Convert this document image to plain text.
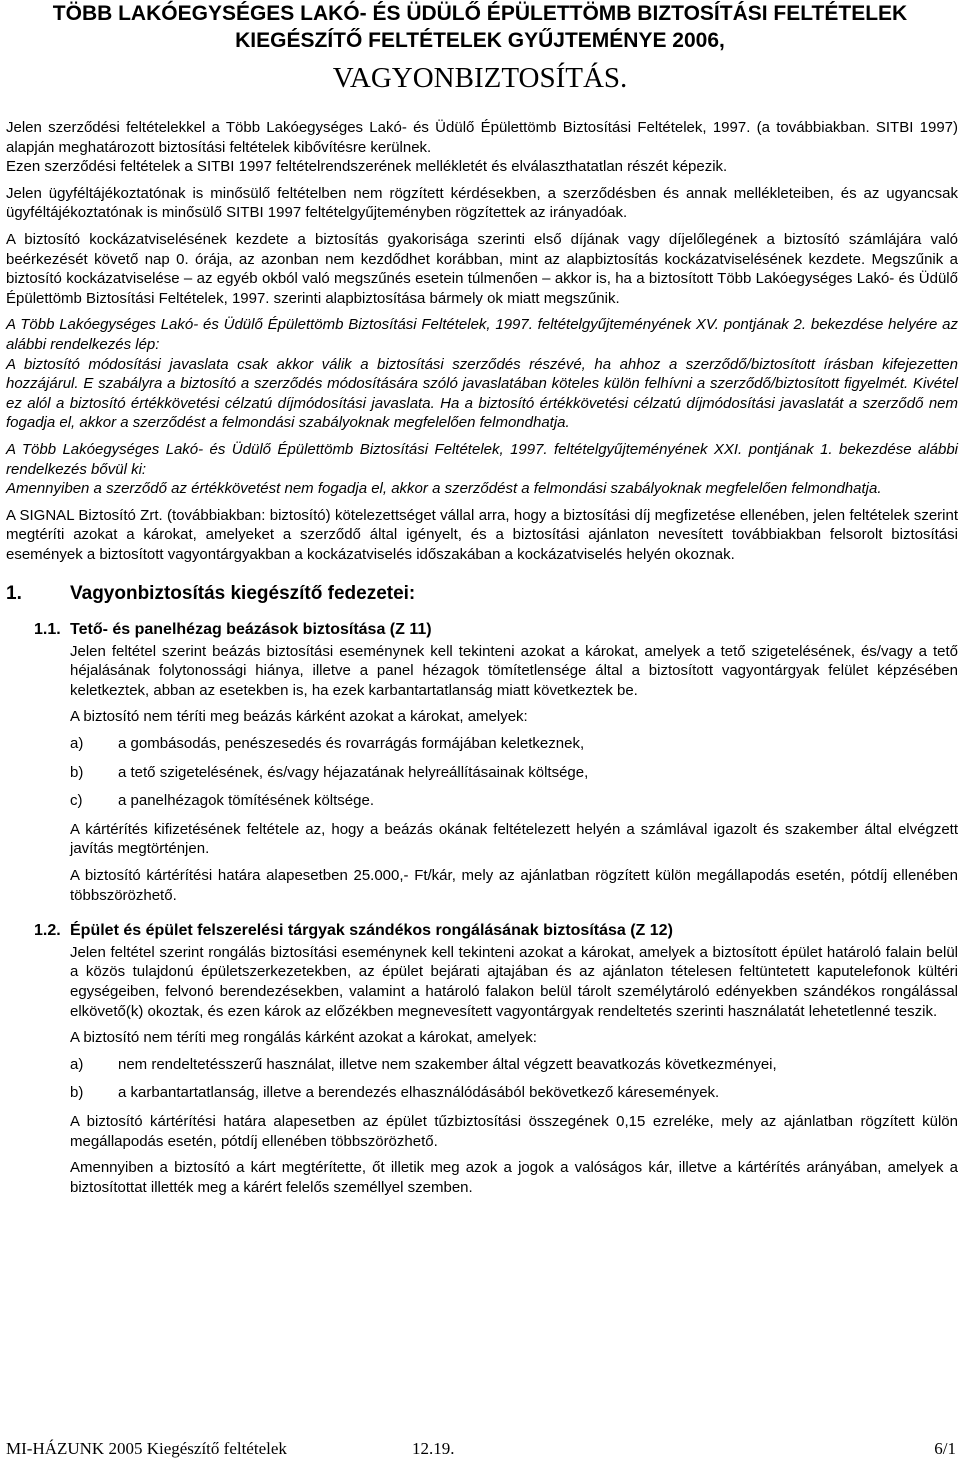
TÖBB LAKÓEGYSÉGES LAKÓ- ÉS ÜDÜLŐ ÉPÜLETTÖMB BIZTOSÍTÁSI FELTÉTELEK
KIEGÉSZÍTŐ FELTÉTELEK GYŰJTEMÉNYE 2006,
VAGYONBIZTOSÍTÁS.

Jelen szerződési feltételekkel a Több Lakóegységes Lakó- és Üdülő Épülettömb Biztosítási Feltételek, 1997. (a továbbiakban. SITBI 1997) alapján meghatározott biztosítási feltételek kibővítésre kerülnek.

Ezen szerződési feltételek a SITBI 1997 feltételrendszerének mellékletét és elválaszthatatlan részét képezik.

Jelen ügyféltájékoztatónak is minősülő feltételben nem rögzített kérdésekben, a szerződésben és annak mellékleteiben, és az ugyancsak ügyféltájékoztatónak is minősülő SITBI 1997 feltételgyűjteményben rögzítettek az irányadóak.

A biztosító kockázatviselésének kezdete a biztosítás gyakorisága szerinti első díjának vagy díjelőlegének a biztosító számlájára való beérkezését követő nap 0. órája, az azonban nem kezdődhet korábban, mint az alapbiztosítás kockázatviselésének kezdete. Megszűnik a biztosító kockázatviselése – az egyéb okból való megszűnés esetein túlmenően – akkor is, ha a biztosított Több Lakóegységes Lakó- és Üdülő Épülettömb Biztosítási Feltételek, 1997. szerinti alapbiztosítása bármely ok miatt megszűnik.

A Több Lakóegységes Lakó- és Üdülő Épülettömb Biztosítási Feltételek, 1997. feltételgyűjteményének XV. pontjának 2. bekezdése helyére az alábbi rendelkezés lép:

A biztosító módosítási javaslata csak akkor válik a biztosítási szerződés részévé, ha ahhoz a szerződő/biztosított írásban kifejezetten hozzájárul. E szabályra a biztosító a szerződés módosítására szóló javaslatában köteles külön felhívni a szerződő/biztosított figyelmét. Kivétel ez alól a biztosító értékkövetési célzatú díjmódosítási javaslata. Ha a biztosító értékkövetési célzatú díjmódosítási javaslatát a szerződő nem fogadja el, akkor a szerződést a felmondási szabályoknak megfelelően felmondhatja.

A Több Lakóegységes Lakó- és Üdülő Épülettömb Biztosítási Feltételek, 1997. feltételgyűjteményének XXI. pontjának 1. bekezdése alábbi rendelkezés bővül ki:

Amennyiben a szerződő az értékkövetést nem fogadja el, akkor a szerződést a felmondási szabályoknak megfelelően felmondhatja.

A SIGNAL Biztosító Zrt. (továbbiakban: biztosító) kötelezettséget vállal arra, hogy a biztosítási díj megfizetése ellenében, jelen feltételek szerint megtéríti azokat a károkat, amelyeket a szerződő által igényelt, és a biztosítási ajánlaton nevesített továbbiakban felsorolt biztosítási események a biztosított vagyontárgyakban a kockázatviselés időszakában a kockázatviselés helyén okoznak.

1.	Vagyonbiztosítás kiegészítő fedezetei:
1.1. Tető- és panelhézag beázások biztosítása (Z 11)

Jelen feltétel szerint beázás biztosítási eseménynek kell tekinteni azokat a károkat, amelyek a tető szigetelésének, és/vagy a tető héjalásának folytonossági hiánya, illetve a panel hézagok tömítetlensége által a biztosított vagyontárgyak felület képzésében keletkeztek, abban az esetekben is, ha ezek karbantartatlanság miatt következtek be.

A biztosító nem téríti meg beázás kárként azokat a károkat, amelyek:

a)	a gombásodás, penészesedés és rovarrágás formájában keletkeznek,
b)	a tető szigetelésének, és/vagy héjazatának helyreállításainak költsége,
c)	a panelhézagok tömítésének költsége.

A kártérítés kifizetésének feltétele az, hogy a beázás okának feltételezett helyén a számlával igazolt és szakember által elvégzett javítás megtörténjen.

A biztosító kártérítési határa alapesetben 25.000,- Ft/kár, mely az ajánlatban rögzített külön megállapodás esetén, pótdíj ellenében többszörözhető.

1.2. Épület és épület felszerelési tárgyak szándékos rongálásának biztosítása (Z 12)

Jelen feltétel szerint rongálás biztosítási eseménynek kell tekinteni azokat a károkat, amelyek a biztosított épület határoló falain belül a közös tulajdonú épületszerkezetekben, az épület bejárati ajtajában és az ajánlaton tételesen feltüntetett kaputelefonok kültéri egységeiben, felvonó berendezésekben, valamint a határoló falakon belül tárolt személytároló edényekben szándékos rongálással elkövető(k) okoztak, és ezen károk az előzékben megnevesített vagyontárgyak rendeltetés szerinti használatát lehetetlenné teszik.

A biztosító nem téríti meg rongálás kárként azokat a károkat, amelyek:

a)	nem rendeltetésszerű használat, illetve nem szakember által végzett beavatkozás következményei,
b)	a karbantartatlanság, illetve a berendezés elhasználódásából bekövetkező káresemények.

A biztosító kártérítési határa alapesetben az épület tűzbiztosítási összegének 0,15 ezreléke, mely az ajánlatban rögzített külön megállapodás esetén, pótdíj ellenében többszörözhető.

Amennyiben a biztosító a kárt megtérítette, őt illetik meg azok a jogok a valóságos kár, illetve a kártérítés arányában, amelyek a biztosítottat illették meg a kárért felelős személlyel szemben.

MI-HÁZUNK 2005 Kiegészítő feltételek	12.19.	6/1
